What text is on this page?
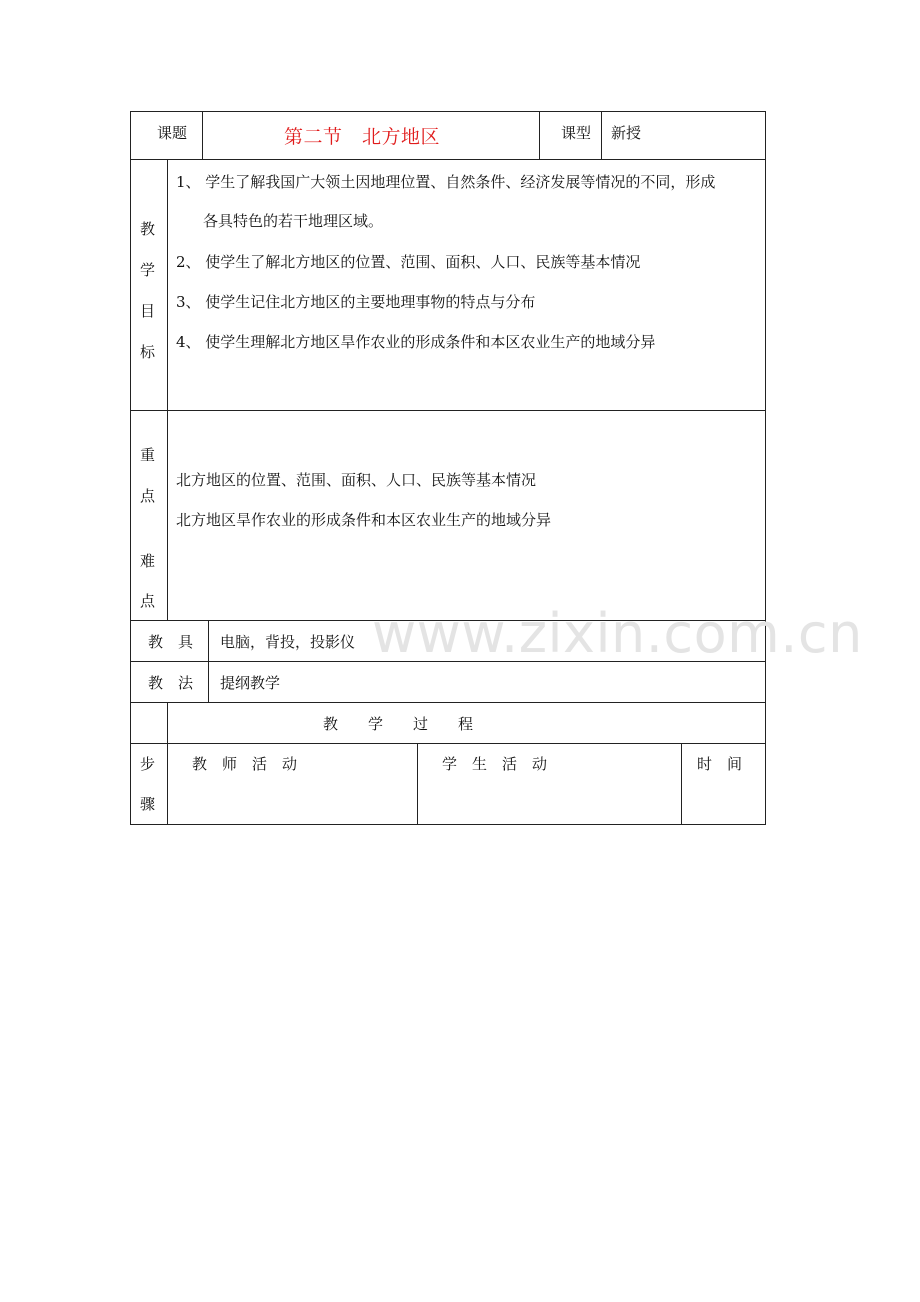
课题	第二节　北方地区	课型 新授
教
学
目
标
1、 学生了解我国广大领土因地理位置、自然条件、经济发展等情况的不同，形成
各具特色的若干地理区域。
2、 使学生了解北方地区的位置、范围、面积、人口、民族等基本情况
3、 使学生记住北方地区的主要地理事物的特点与分布
4、 使学生理解北方地区旱作农业的形成条件和本区农业生产的地域分异
重
点
难
点
北方地区的位置、范围、面积、人口、民族等基本情况
北方地区旱作农业的形成条件和本区农业生产的地域分异
教　具 电脑，背投，投影仪
教　法 提纲教学
教　　学　　过　　程
步
骤
教　师　活　动	学　生　活　动	时　间
www.zixin.com.cn
